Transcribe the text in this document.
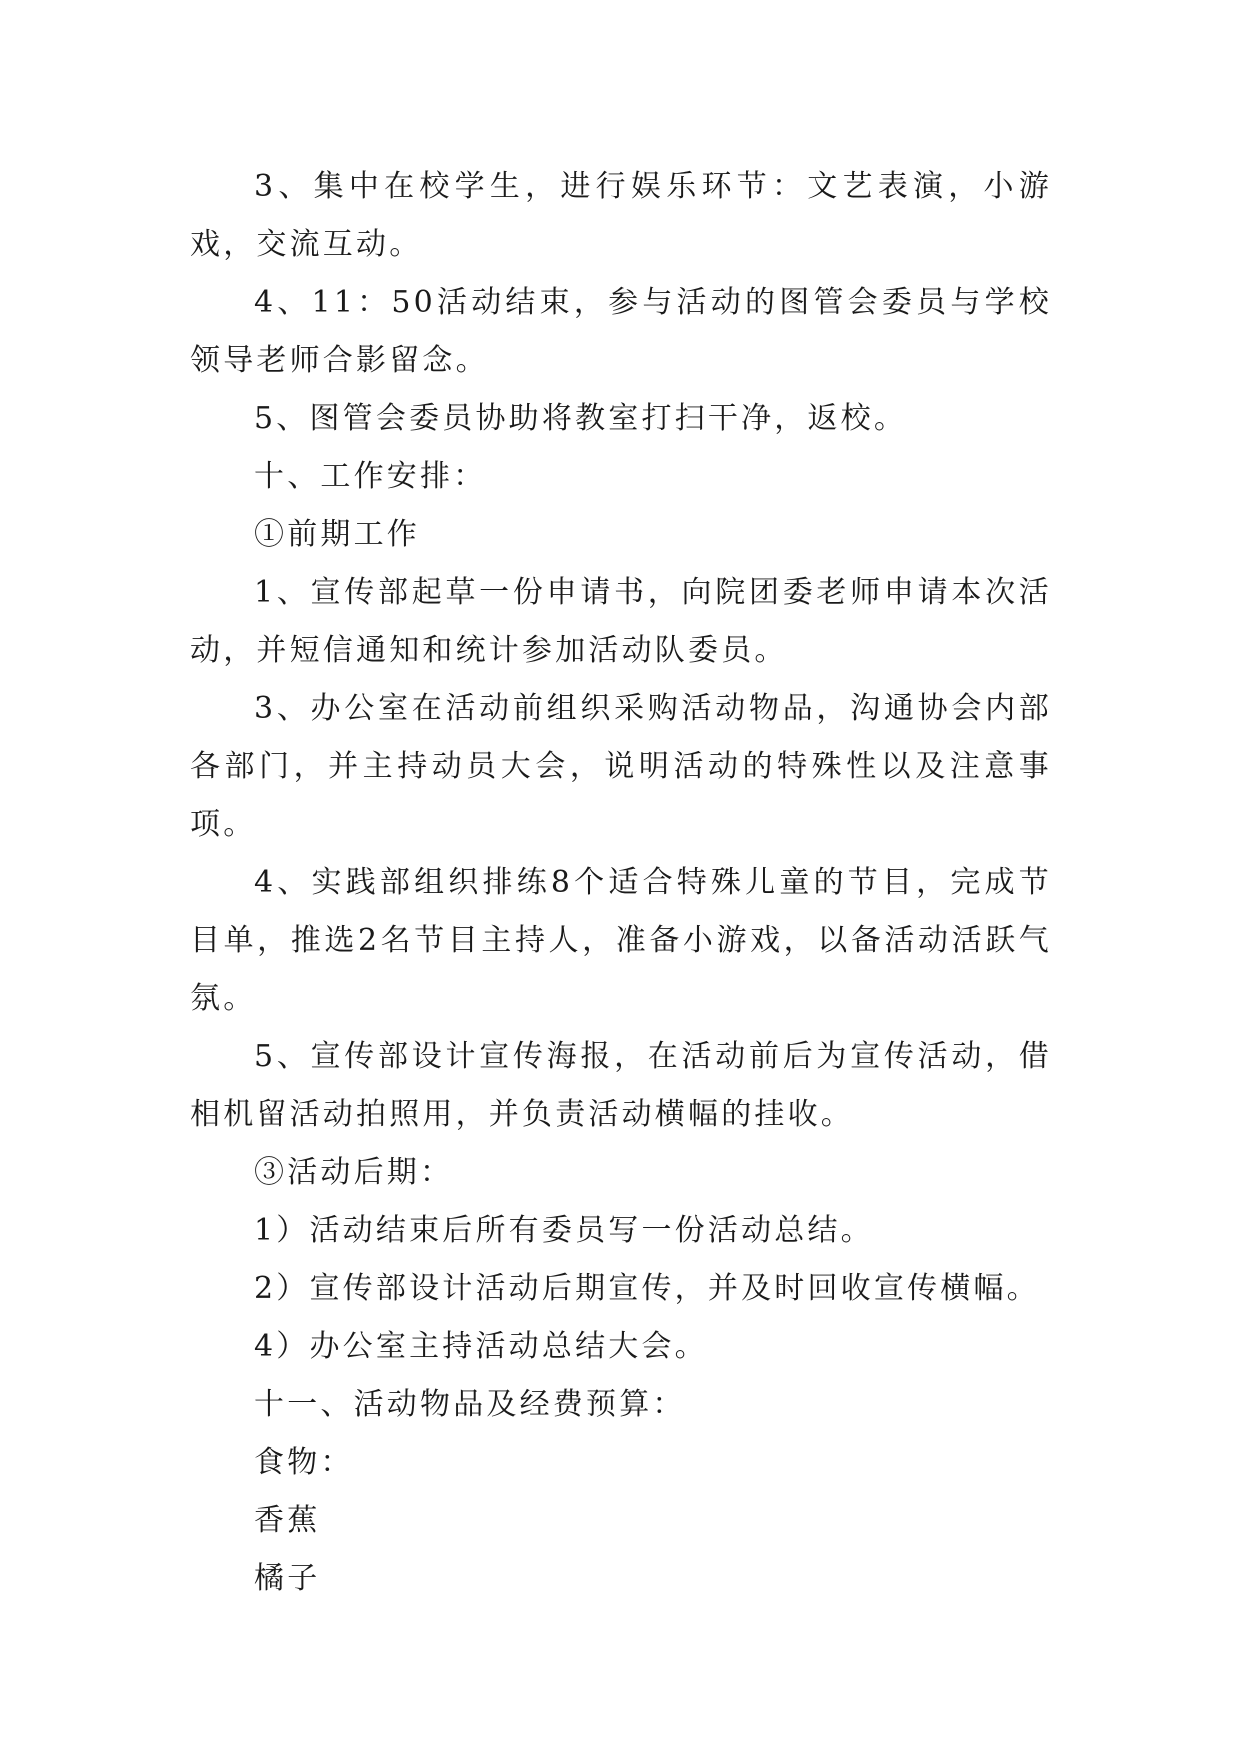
3、集中在校学生，进行娱乐环节：文艺表演，小游戏，交流互动。

4、11：50活动结束，参与活动的图管会委员与学校领导老师合影留念。

5、图管会委员协助将教室打扫干净，返校。

十、工作安排：

①前期工作

1、宣传部起草一份申请书，向院团委老师申请本次活动，并短信通知和统计参加活动队委员。

3、办公室在活动前组织采购活动物品，沟通协会内部各部门，并主持动员大会，说明活动的特殊性以及注意事项。

4、实践部组织排练8个适合特殊儿童的节目，完成节目单，推选2名节目主持人，准备小游戏，以备活动活跃气氛。

5、宣传部设计宣传海报，在活动前后为宣传活动，借相机留活动拍照用，并负责活动横幅的挂收。

③活动后期：

1）活动结束后所有委员写一份活动总结。

2）宣传部设计活动后期宣传，并及时回收宣传横幅。

4）办公室主持活动总结大会。

十一、活动物品及经费预算：

食物：

香蕉

橘子
